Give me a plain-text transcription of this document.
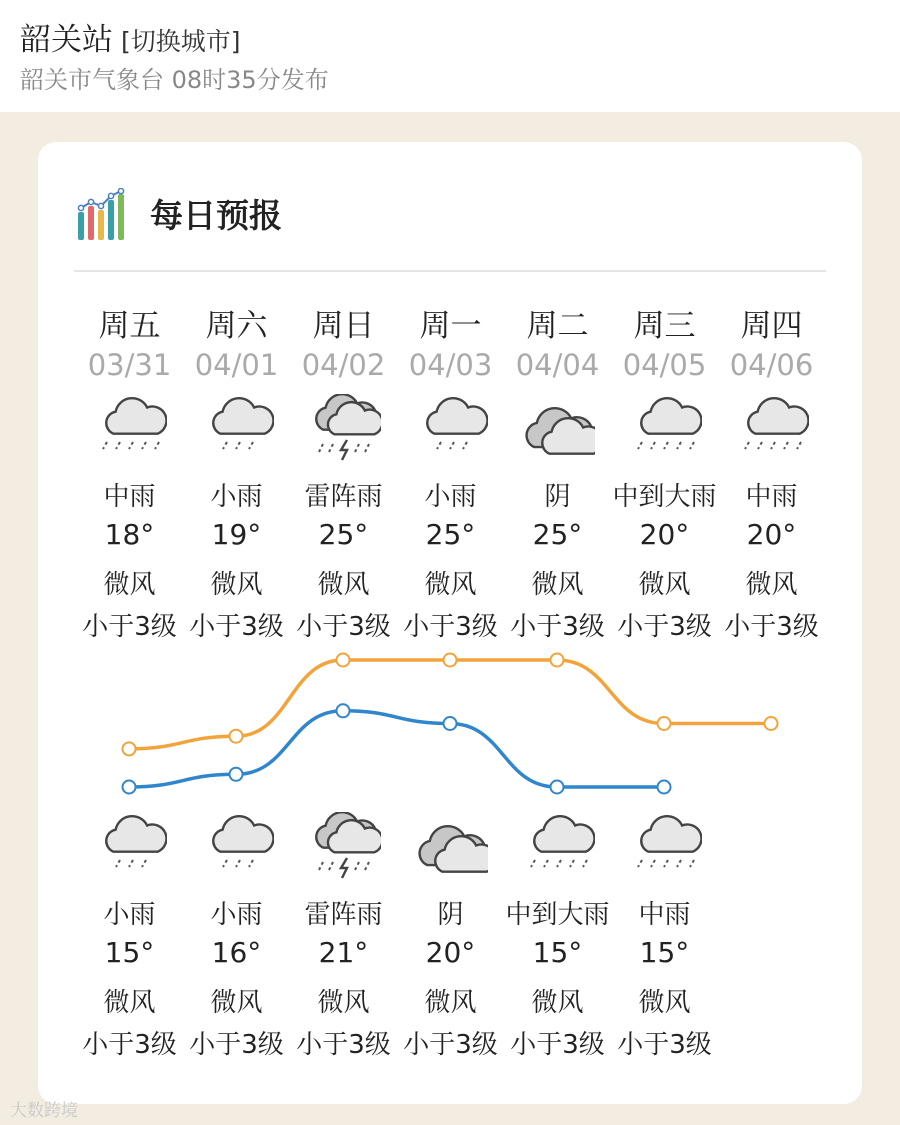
韶关站 [切换城市]
韶关市气象台 08时35分发布
每日预报
周五
03/31
中雨
18°
微风
小于3级
周六
04/01
小雨
19°
微风
小于3级
周日
04/02
雷阵雨
25°
微风
小于3级
周一
04/03
小雨
25°
微风
小于3级
周二
04/04
阴
25°
微风
小于3级
周三
04/05
中到大雨
20°
微风
小于3级
周四
04/06
中雨
20°
微风
小于3级
小雨
15°
微风
小于3级
小雨
16°
微风
小于3级
雷阵雨
21°
微风
小于3级
阴
20°
微风
小于3级
中到大雨
15°
微风
小于3级
中雨
15°
微风
小于3级
大数跨境
